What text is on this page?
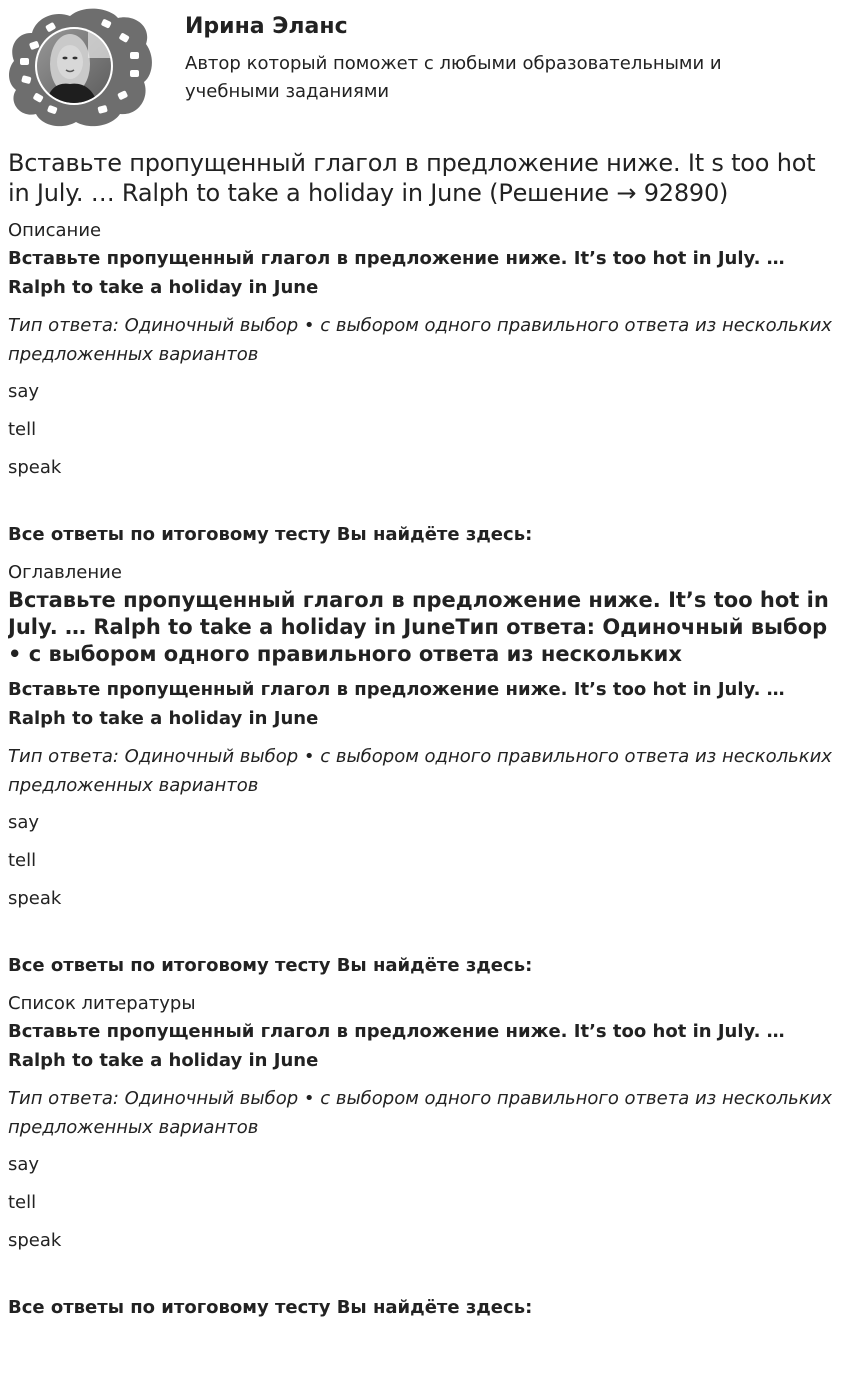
Ирина Эланс

Автор который поможет с любыми образовательными и учебными заданиями

Вставьте пропущенный глагол в предложение ниже. It s too hot in July. … Ralph to take a holiday in June (Решение → 92890)

Описание

Вставьте пропущенный глагол в предложение ниже. It’s too hot in July. … Ralph to take a holiday in June

Тип ответа: Одиночный выбор • с выбором одного правильного ответа из нескольких предложенных вариантов

say

tell

speak

Все ответы по итоговому тесту Вы найдёте здесь:

Оглавление

Вставьте пропущенный глагол в предложение ниже. It’s too hot in July. … Ralph to take a holiday in JuneТип ответа: Одиночный выбор • с выбором одного правильного ответа из нескольких

Вставьте пропущенный глагол в предложение ниже. It’s too hot in July. … Ralph to take a holiday in June

Тип ответа: Одиночный выбор • с выбором одного правильного ответа из нескольких предложенных вариантов

say

tell

speak

Все ответы по итоговому тесту Вы найдёте здесь:

Список литературы

Вставьте пропущенный глагол в предложение ниже. It’s too hot in July. … Ralph to take a holiday in June

Тип ответа: Одиночный выбор • с выбором одного правильного ответа из нескольких предложенных вариантов

say

tell

speak

Все ответы по итоговому тесту Вы найдёте здесь:
